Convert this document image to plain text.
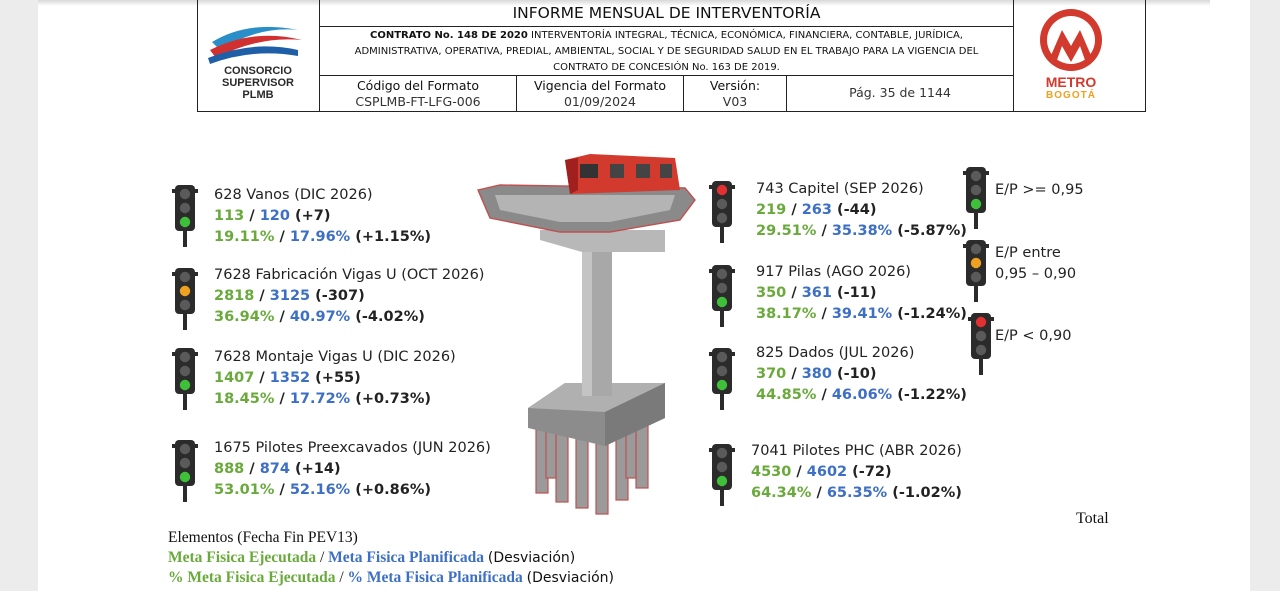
CONSORCIO
SUPERVISOR
PLMB
INFORME MENSUAL DE INTERVENTORÍA
CONTRATO No. 148 DE 2020 INTERVENTORÍA INTEGRAL, TÉCNICA, ECONÓMICA, FINANCIERA, CONTABLE, JURÍDICA, ADMINISTRATIVA, OPERATIVA, PREDIAL, AMBIENTAL, SOCIAL Y DE SEGURIDAD SALUD EN EL TRABAJO PARA LA VIGENCIA DEL CONTRATO DE CONCESIÓN No. 163 DE 2019.
Código del Formato
CSPLMB-FT-LFG-006
Vigencia del Formato
01/09/2024
Versión:
V03
Pág. 35 de 1144
METRO
BOGOTÁ
Total
Elementos (Fecha Fin PEV13)
Meta Fisica Ejecutada / Meta Fisica Planificada (Desviación)
% Meta Fisica Ejecutada / % Meta Fisica Planificada (Desviación)
628 Vanos (DIC 2026)
113 / 120 (+7)
19.11% / 17.96% (+1.15%)
7628 Fabricación Vigas U (OCT 2026)
2818 / 3125 (-307)
36.94% / 40.97% (-4.02%)
7628 Montaje Vigas U (DIC 2026)
1407 / 1352 (+55)
18.45% / 17.72% (+0.73%)
1675 Pilotes Preexcavados (JUN 2026)
888 / 874 (+14)
53.01% / 52.16% (+0.86%)
743 Capitel (SEP 2026)
219 / 263 (-44)
29.51% / 35.38% (-5.87%)
917 Pilas (AGO 2026)
350 / 361 (-11)
38.17% / 39.41% (-1.24%)
825 Dados (JUL 2026)
370 / 380 (-10)
44.85% / 46.06% (-1.22%)
7041 Pilotes PHC (ABR 2026)
4530 / 4602 (-72)
64.34% / 65.35% (-1.02%)
E/P >= 0,95
E/P entre
0,95 – 0,90
E/P < 0,90
